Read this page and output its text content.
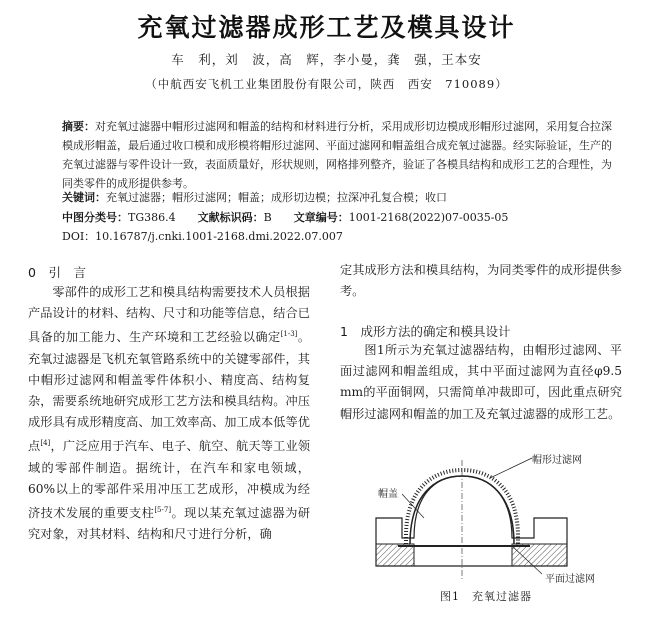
充氧过滤器成形工艺及模具设计
车　利，刘　波，高　辉，李小曼，龚　强，王本安
（中航西安飞机工业集团股份有限公司，陕西　西安　710089）
摘要：对充氧过滤器中帽形过滤网和帽盖的结构和材料进行分析，采用成形切边模成形帽形过滤网，采用复合拉深模成形帽盖，最后通过收口模和成形模将帽形过滤网、平面过滤网和帽盖组合成充氧过滤器。经实际验证，生产的充氧过滤器与零件设计一致，表面质量好，形状规则，网格排列整齐，验证了各模具结构和成形工艺的合理性，为同类零件的成形提供参考。
关键词：充氧过滤器；帽形过滤网；帽盖；成形切边模；拉深冲孔复合模；收口
中图分类号：TG386.4 文献标识码：B 文章编号：1001-2168(2022)07-0035-05
DOI：10.16787/j.cnki.1001-2168.dmi.2022.07.007
0　 引　言

零部件的成形工艺和模具结构需要技术人员根据产品设计的材料、结构、尺寸和功能等信息，结合已具备的加工能力、生产环境和工艺经验以确定[1-3]。充氧过滤器是飞机充氧管路系统中的关键零部件，其中帽形过滤网和帽盖零件体积小、精度高、结构复杂，需要系统地研究成形工艺方法和模具结构。冲压成形具有成形精度高、加工效率高、加工成本低等优点[4]，广泛应用于汽车、电子、航空、航天等工业领域的零部件制造。据统计，在汽车和家电领域，60%以上的零部件采用冲压工艺成形，冲模成为经济技术发展的重要支柱[5-7]。现以某充氧过滤器为研究对象，对其材料、结构和尺寸进行分析，确

定其成形方法和模具结构，为同类零件的成形提供参考。

1　 成形方法的确定和模具设计

图1所示为充氧过滤器结构，由帽形过滤网、平面过滤网和帽盖组成，其中平面过滤网为直径φ9.5 mm的平面铜网，只需简单冲裁即可，因此重点研究帽形过滤网和帽盖的加工及充氧过滤器的成形工艺。

帽形过滤网
帽盖
平面过滤网
图1　充氧过滤器
